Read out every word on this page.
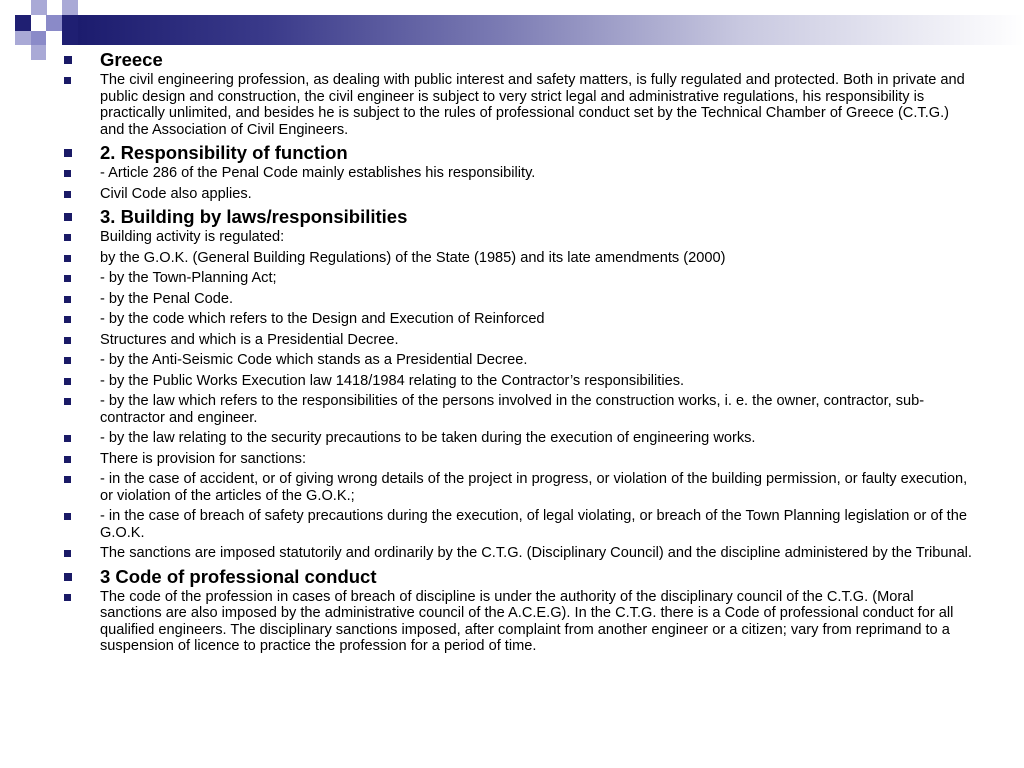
Greece
The civil engineering profession, as dealing with public interest and safety matters, is fully regulated and protected. Both in private and public design and construction, the civil engineer is subject to very strict legal and administrative regulations, his responsibility is practically unlimited, and besides he is subject to the rules of professional conduct set by the Technical Chamber of Greece (C.T.G.) and the Association of Civil Engineers.
2. Responsibility of function
- Article 286 of the Penal Code mainly establishes his responsibility.
Civil Code also applies.
3. Building by laws/responsibilities
Building activity is regulated:
by the G.O.K. (General Building Regulations) of the State (1985) and its late amendments (2000)
- by the Town-Planning Act;
- by the Penal Code.
- by the code which refers to the Design and Execution of Reinforced
Structures and which is a Presidential Decree.
- by the Anti-Seismic Code which stands as a Presidential Decree.
- by the Public Works Execution law 1418/1984 relating to the Contractor’s responsibilities.
- by the law which refers to the responsibilities of the persons involved in the construction works, i. e. the owner, contractor, sub-contractor and engineer.
- by the law relating to the security precautions to be taken during the execution of engineering works.
There is provision for sanctions:
- in the case of accident, or of giving wrong details of the project in progress, or violation of the building permission, or faulty execution, or violation of the articles of the G.O.K.;
- in the case of breach of safety precautions during the execution, of legal violating, or breach of the Town Planning legislation or of the G.O.K.
The sanctions are imposed statutorily and ordinarily by the C.T.G. (Disciplinary Council) and the discipline administered by the Tribunal.
3 Code of professional conduct
The code of the profession in cases of breach of discipline is under the authority of the disciplinary council of the C.T.G. (Moral sanctions are also imposed by the administrative council of the A.C.E.G). In the C.T.G. there is a Code of professional conduct for all qualified engineers. The disciplinary sanctions imposed, after complaint from another engineer or a citizen; vary from reprimand to a suspension of licence to practice the profession for a period of time.
